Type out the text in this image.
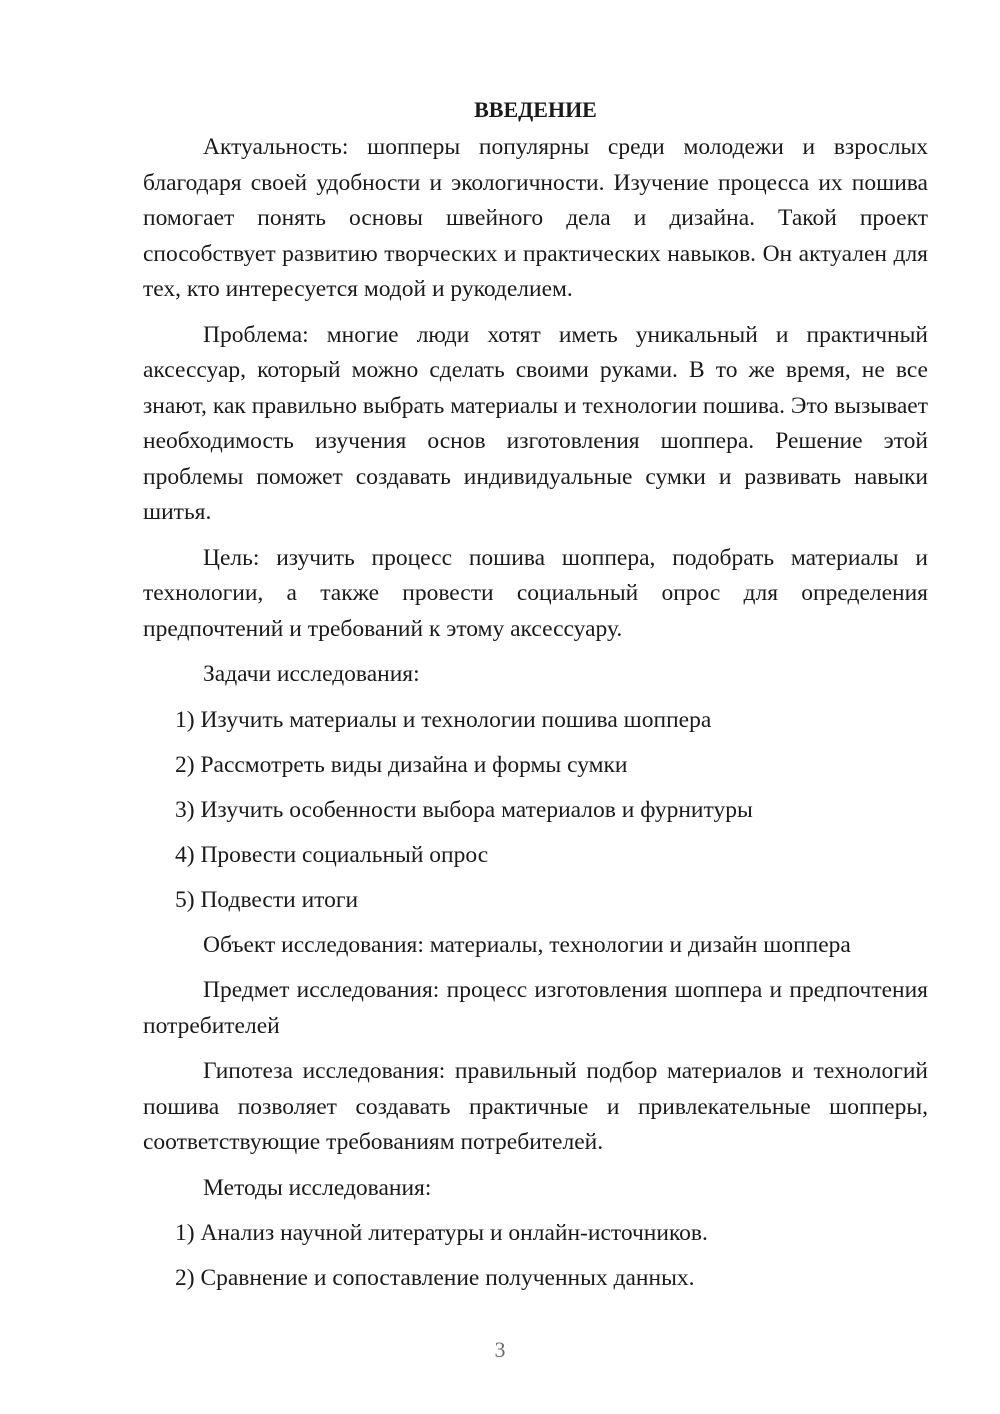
ВВЕДЕНИЕ

Актуальность: шопперы популярны среди молодежи и взрослых благодаря своей удобности и экологичности. Изучение процесса их пошива помогает понять основы швейного дела и дизайна. Такой проект способствует развитию творческих и практических навыков. Он актуален для тех, кто интересуется модой и рукоделием.

Проблема: многие люди хотят иметь уникальный и практичный аксессуар, который можно сделать своими руками. В то же время, не все знают, как правильно выбрать материалы и технологии пошива. Это вызывает необходимость изучения основ изготовления шоппера. Решение этой проблемы поможет создавать индивидуальные сумки и развивать навыки шитья.

Цель: изучить процесс пошива шоппера, подобрать материалы и технологии, а также провести социальный опрос для определения предпочтений и требований к этому аксессуару.

Задачи исследования:
1) Изучить материалы и технологии пошива шоппера
2) Рассмотреть виды дизайна и формы сумки
3) Изучить особенности выбора материалов и фурнитуры
4) Провести социальный опрос
5) Подвести итоги
Объект исследования: материалы, технологии и дизайн шоппера

Предмет исследования: процесс изготовления шоппера и предпочтения потребителей

Гипотеза исследования: правильный подбор материалов и технологий пошива позволяет создавать практичные и привлекательные шопперы, соответствующие требованиям потребителей.

Методы исследования:
1) Анализ научной литературы и онлайн-источников.
2) Сравнение и сопоставление полученных данных.
3
